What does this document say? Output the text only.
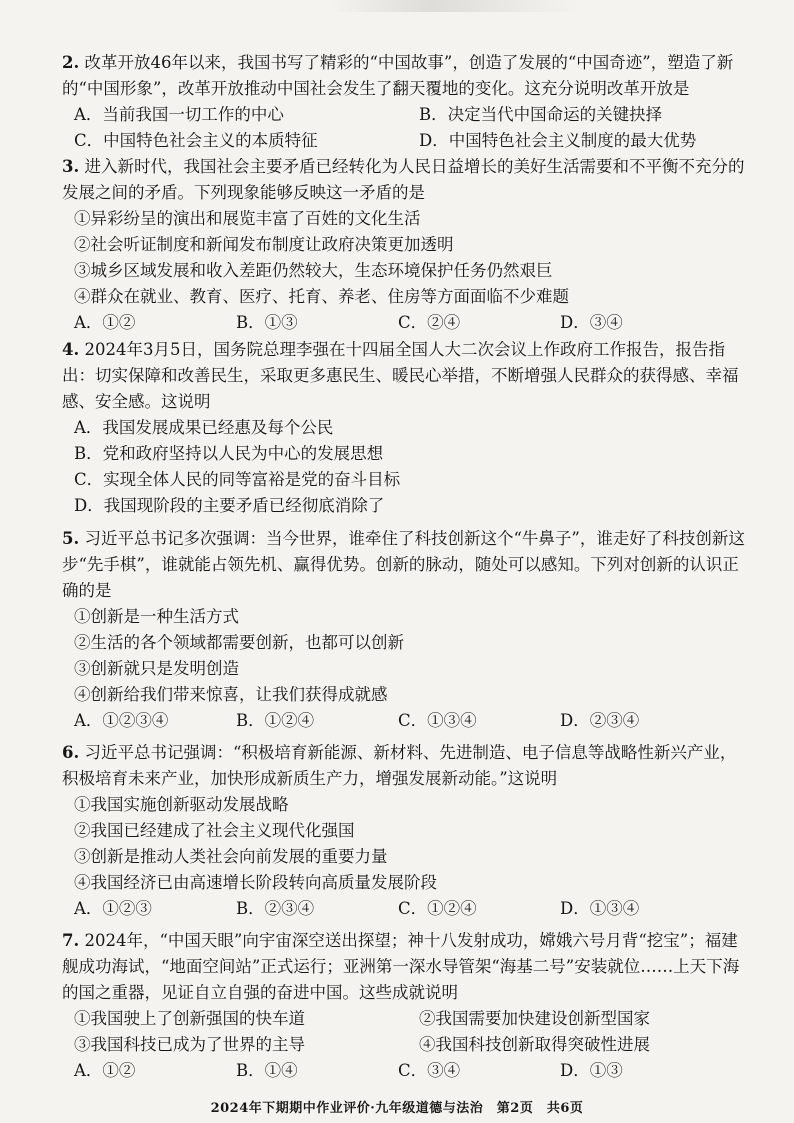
2. 改革开放46年以来，我国书写了精彩的“中国故事”，创造了发展的“中国奇迹”，塑造了新的“中国形象”，改革开放推动中国社会发生了翻天覆地的变化。这充分说明改革开放是

A．当前我国一切工作的中心	B．决定当代中国命运的关键抉择
C．中国特色社会主义的本质特征	D．中国特色社会主义制度的最大优势

3. 进入新时代，我国社会主要矛盾已经转化为人民日益增长的美好生活需要和不平衡不充分的发展之间的矛盾。下列现象能够反映这一矛盾的是

①异彩纷呈的演出和展览丰富了百姓的文化生活
②社会听证制度和新闻发布制度让政府决策更加透明
③城乡区域发展和收入差距仍然较大，生态环境保护任务仍然艰巨
④群众在就业、教育、医疗、托育、养老、住房等方面面临不少难题
A．①②	B．①③	C．②④	D．③④

4. 2024年3月5日，国务院总理李强在十四届全国人大二次会议上作政府工作报告，报告指出：切实保障和改善民生，采取更多惠民生、暖民心举措，不断增强人民群众的获得感、幸福感、安全感。这说明

A．我国发展成果已经惠及每个公民
B．党和政府坚持以人民为中心的发展思想
C．实现全体人民的同等富裕是党的奋斗目标
D．我国现阶段的主要矛盾已经彻底消除了

5. 习近平总书记多次强调：当今世界，谁牵住了科技创新这个“牛鼻子”，谁走好了科技创新这步“先手棋”，谁就能占领先机、赢得优势。创新的脉动，随处可以感知。下列对创新的认识正确的是

①创新是一种生活方式
②生活的各个领域都需要创新，也都可以创新
③创新就只是发明创造
④创新给我们带来惊喜，让我们获得成就感
A．①②③④	B．①②④	C．①③④	D．②③④

6. 习近平总书记强调：“积极培育新能源、新材料、先进制造、电子信息等战略性新兴产业，积极培育未来产业，加快形成新质生产力，增强发展新动能。”这说明

①我国实施创新驱动发展战略
②我国已经建成了社会主义现代化强国
③创新是推动人类社会向前发展的重要力量
④我国经济已由高速增长阶段转向高质量发展阶段
A．①②③	B．②③④	C．①②④	D．①③④

7. 2024年，“中国天眼”向宇宙深空送出探望；神十八发射成功，嫦娥六号月背“挖宝”；福建舰成功海试，“地面空间站”正式运行；亚洲第一深水导管架“海基二号”安装就位……上天下海的国之重器，见证自立自强的奋进中国。这些成就说明

①我国驶上了创新强国的快车道	②我国需要加快建设创新型国家
③我国科技已成为了世界的主导	④我国科技创新取得突破性进展
A．①②	B．①④	C．③④	D．①③
2024年下期期中作业评价·九年级道德与法治　第2页　共6页
